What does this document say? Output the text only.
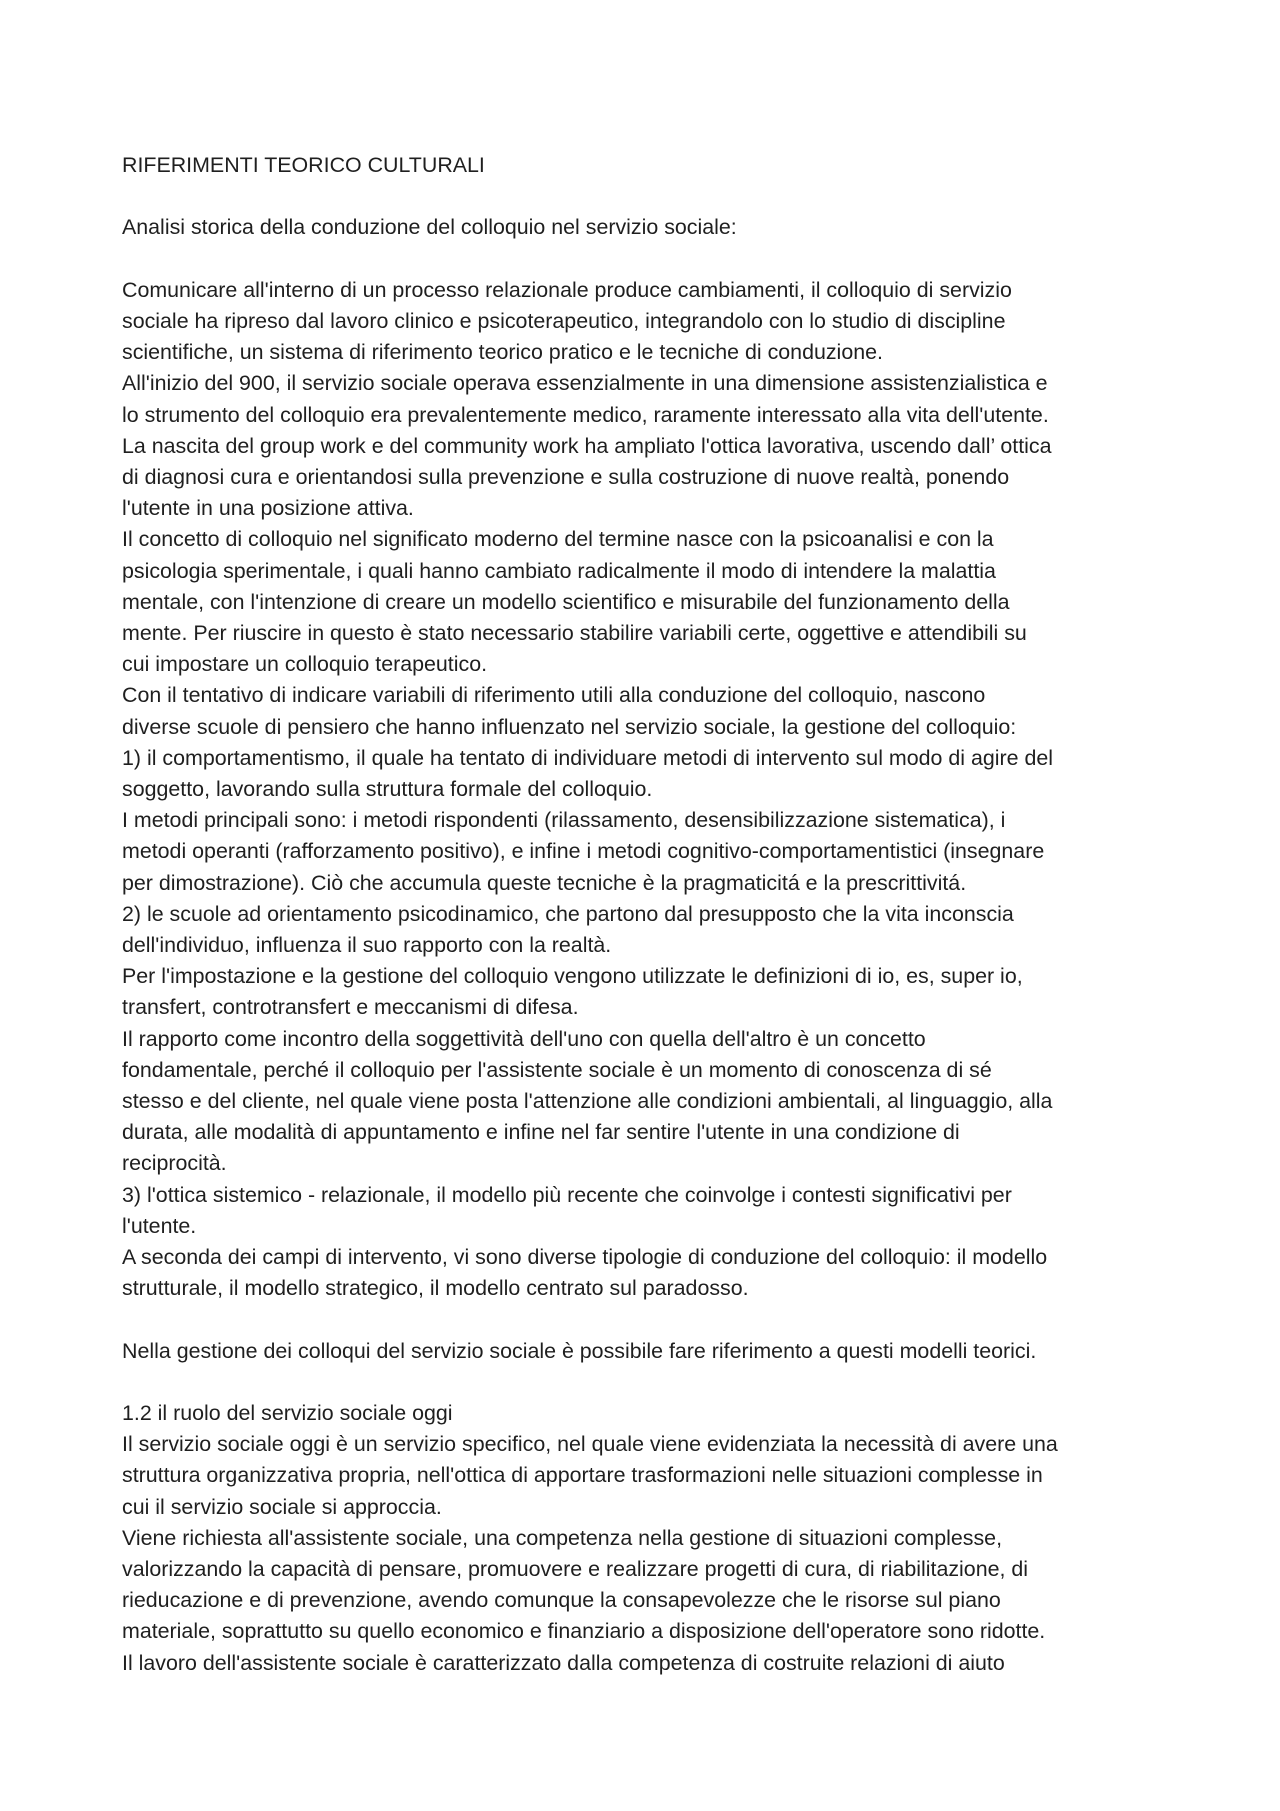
RIFERIMENTI TEORICO CULTURALI

Analisi storica della conduzione del colloquio nel servizio sociale:

Comunicare all'interno di un processo relazionale produce cambiamenti, il colloquio di servizio

sociale ha ripreso dal lavoro clinico e psicoterapeutico, integrandolo con lo studio di discipline

scientifiche, un sistema di riferimento teorico pratico e le tecniche di conduzione.

All'inizio del 900, il servizio sociale operava essenzialmente in una dimensione assistenzialistica e

lo strumento del colloquio era prevalentemente medico, raramente interessato alla vita dell'utente.

La nascita del group work e del community work ha ampliato l'ottica lavorativa, uscendo dall’ ottica

di diagnosi cura e orientandosi sulla prevenzione e sulla costruzione di nuove realtà, ponendo

l'utente in una posizione attiva.

Il concetto di colloquio nel significato moderno del termine nasce con la psicoanalisi e con la

psicologia sperimentale, i quali hanno cambiato radicalmente il modo di intendere la malattia

mentale, con l'intenzione di creare un modello scientifico e misurabile del funzionamento della

mente. Per riuscire in questo è stato necessario stabilire variabili certe, oggettive e attendibili su

cui impostare un colloquio terapeutico.

Con il tentativo di indicare variabili di riferimento utili alla conduzione del colloquio, nascono

diverse scuole di pensiero che hanno influenzato nel servizio sociale, la gestione del colloquio:

1) il comportamentismo, il quale ha tentato di individuare metodi di intervento sul modo di agire del

soggetto, lavorando sulla struttura formale del colloquio.

I metodi principali sono: i metodi rispondenti (rilassamento, desensibilizzazione sistematica), i

metodi operanti (rafforzamento positivo), e infine i metodi cognitivo-comportamentistici (insegnare

per dimostrazione). Ciò che accumula queste tecniche è la pragmaticitá e la prescrittivitá.

2) le scuole ad orientamento psicodinamico, che partono dal presupposto che la vita inconscia

dell'individuo, influenza il suo rapporto con la realtà.

Per l'impostazione e la gestione del colloquio vengono utilizzate le definizioni di io, es, super io,

transfert, controtransfert e meccanismi di difesa.

Il rapporto come incontro della soggettività dell'uno con quella dell'altro è un concetto

fondamentale, perché il colloquio per l'assistente sociale è un momento di conoscenza di sé

stesso e del cliente, nel quale viene posta l'attenzione alle condizioni ambientali, al linguaggio, alla

durata, alle modalità di appuntamento e infine nel far sentire l'utente in una condizione di

reciprocità.

3) l'ottica sistemico - relazionale, il modello più recente che coinvolge i contesti significativi per

l'utente.

A seconda dei campi di intervento, vi sono diverse tipologie di conduzione del colloquio: il modello

strutturale, il modello strategico, il modello centrato sul paradosso.

Nella gestione dei colloqui del servizio sociale è possibile fare riferimento a questi modelli teorici.

1.2 il ruolo del servizio sociale oggi

Il servizio sociale oggi è un servizio specifico, nel quale viene evidenziata la necessità di avere una

struttura organizzativa propria, nell'ottica di apportare trasformazioni nelle situazioni complesse in

cui il servizio sociale si approccia.

Viene richiesta all'assistente sociale, una competenza nella gestione di situazioni complesse,

valorizzando la capacità di pensare, promuovere e realizzare progetti di cura, di riabilitazione, di

rieducazione e di prevenzione, avendo comunque la consapevolezze che le risorse sul piano

materiale, soprattutto su quello economico e finanziario a disposizione dell'operatore sono ridotte.

Il lavoro dell'assistente sociale è caratterizzato dalla competenza di costruite relazioni di aiuto
